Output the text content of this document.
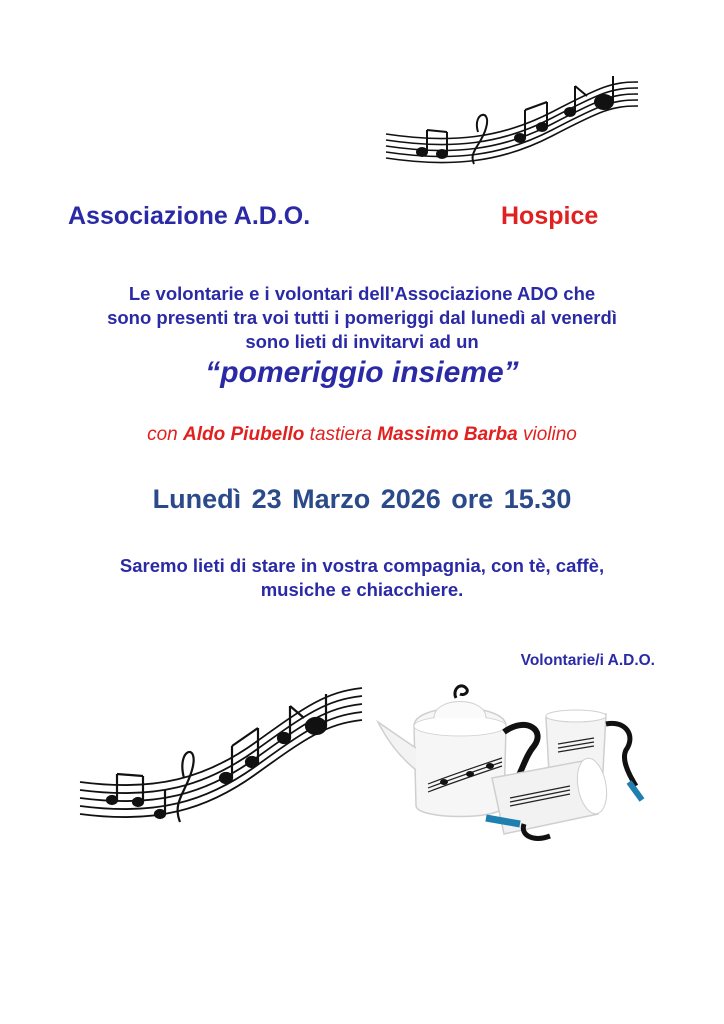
Associazione A.D.O.	Hospice
Le volontarie e i volontari dell'Associazione ADO che
sono presenti tra voi tutti i pomeriggi dal lunedì al venerdì
sono lieti di invitarvi ad un
“pomeriggio insieme”
con Aldo Piubello tastiera Massimo Barba violino
Lunedì 23 Marzo 2026 ore 15.30
Saremo lieti di stare in vostra compagnia, con tè, caffè,
musiche e chiacchiere.
Volontarie/i A.D.O.
